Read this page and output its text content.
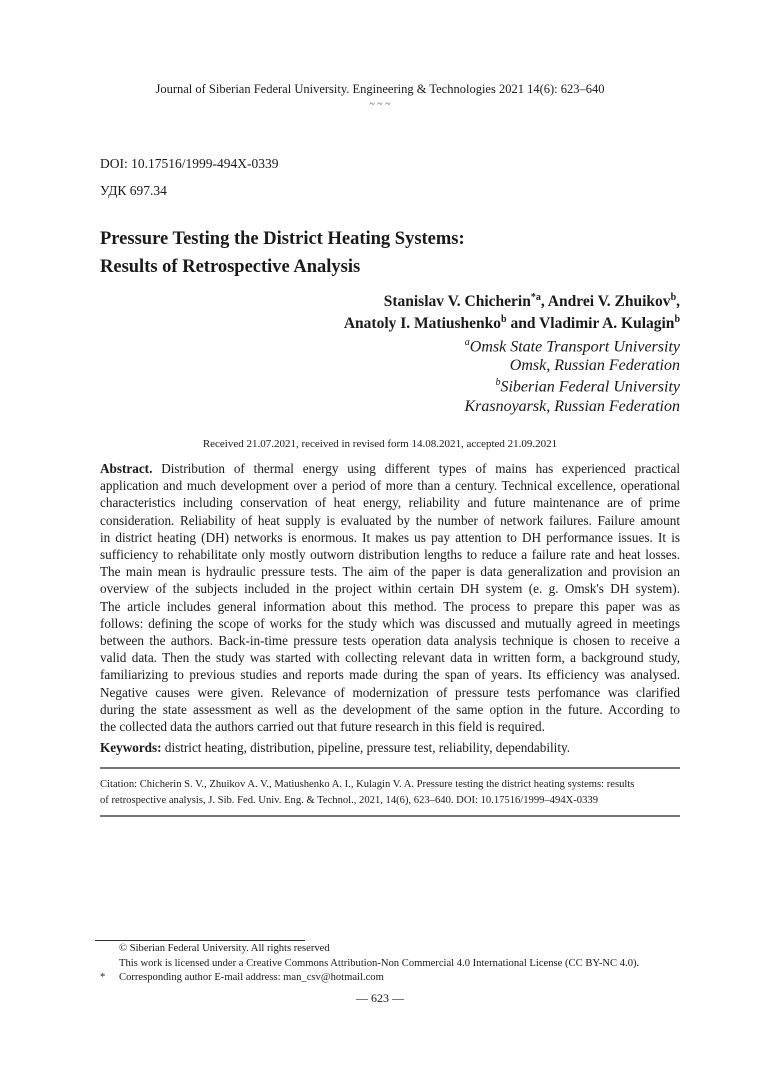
Journal of Siberian Federal University. Engineering & Technologies 2021 14(6): 623–640
~ ~ ~
DOI: 10.17516/1999-494X-0339
УДК 697.34
Pressure Testing the District Heating Systems:
Results of Retrospective Analysis
Stanislav V. Chicherin$^{*a}$, Andrei V. Zhuikov$^b$,
Anatoly I. Matiushenko$^b$ and Vladimir A. Kulagin$^b$
$^a$Omsk State Transport University
Omsk, Russian Federation
$^b$Siberian Federal University
Krasnoyarsk, Russian Federation
Received 21.07.2021, received in revised form 14.08.2021, accepted 21.09.2021
Abstract. Distribution of thermal energy using different types of mains has experienced practical
application and much development over a period of more than a century. Technical excellence, operational
characteristics including conservation of heat energy, reliability and future maintenance are of prime
consideration. Reliability of heat supply is evaluated by the number of network failures. Failure amount
in district heating (DH) networks is enormous. It makes us pay attention to DH performance issues. It is
sufficiency to rehabilitate only mostly outworn distribution lengths to reduce a failure rate and heat losses.
The main mean is hydraulic pressure tests. The aim of the paper is data generalization and provision an
overview of the subjects included in the project within certain DH system (e. g. Omsk's DH system).
The article includes general information about this method. The process to prepare this paper was as
follows: defining the scope of works for the study which was discussed and mutually agreed in meetings
between the authors. Back-in-time pressure tests operation data analysis technique is chosen to receive a
valid data. Then the study was started with collecting relevant data in written form, a background study,
familiarizing to previous studies and reports made during the span of years. Its efficiency was analysed.
Negative causes were given. Relevance of modernization of pressure tests perfomance was clarified
during the state assessment as well as the development of the same option in the future. According to
the collected data the authors carried out that future research in this field is required.
Keywords: district heating, distribution, pipeline, pressure test, reliability, dependability.
Citation: Chicherin S. V., Zhuikov A. V., Matiushenko A. I., Kulagin V. A. Pressure testing the district heating systems: results
of retrospective analysis, J. Sib. Fed. Univ. Eng. & Technol., 2021, 14(6), 623–640. DOI: 10.17516/1999–494X-0339
© Siberian Federal University. All rights reserved
This work is licensed under a Creative Commons Attribution-Non Commercial 4.0 International License (CC BY-NC 4.0).
* Corresponding author E-mail address: man_csv@hotmail.com
— 623 —
